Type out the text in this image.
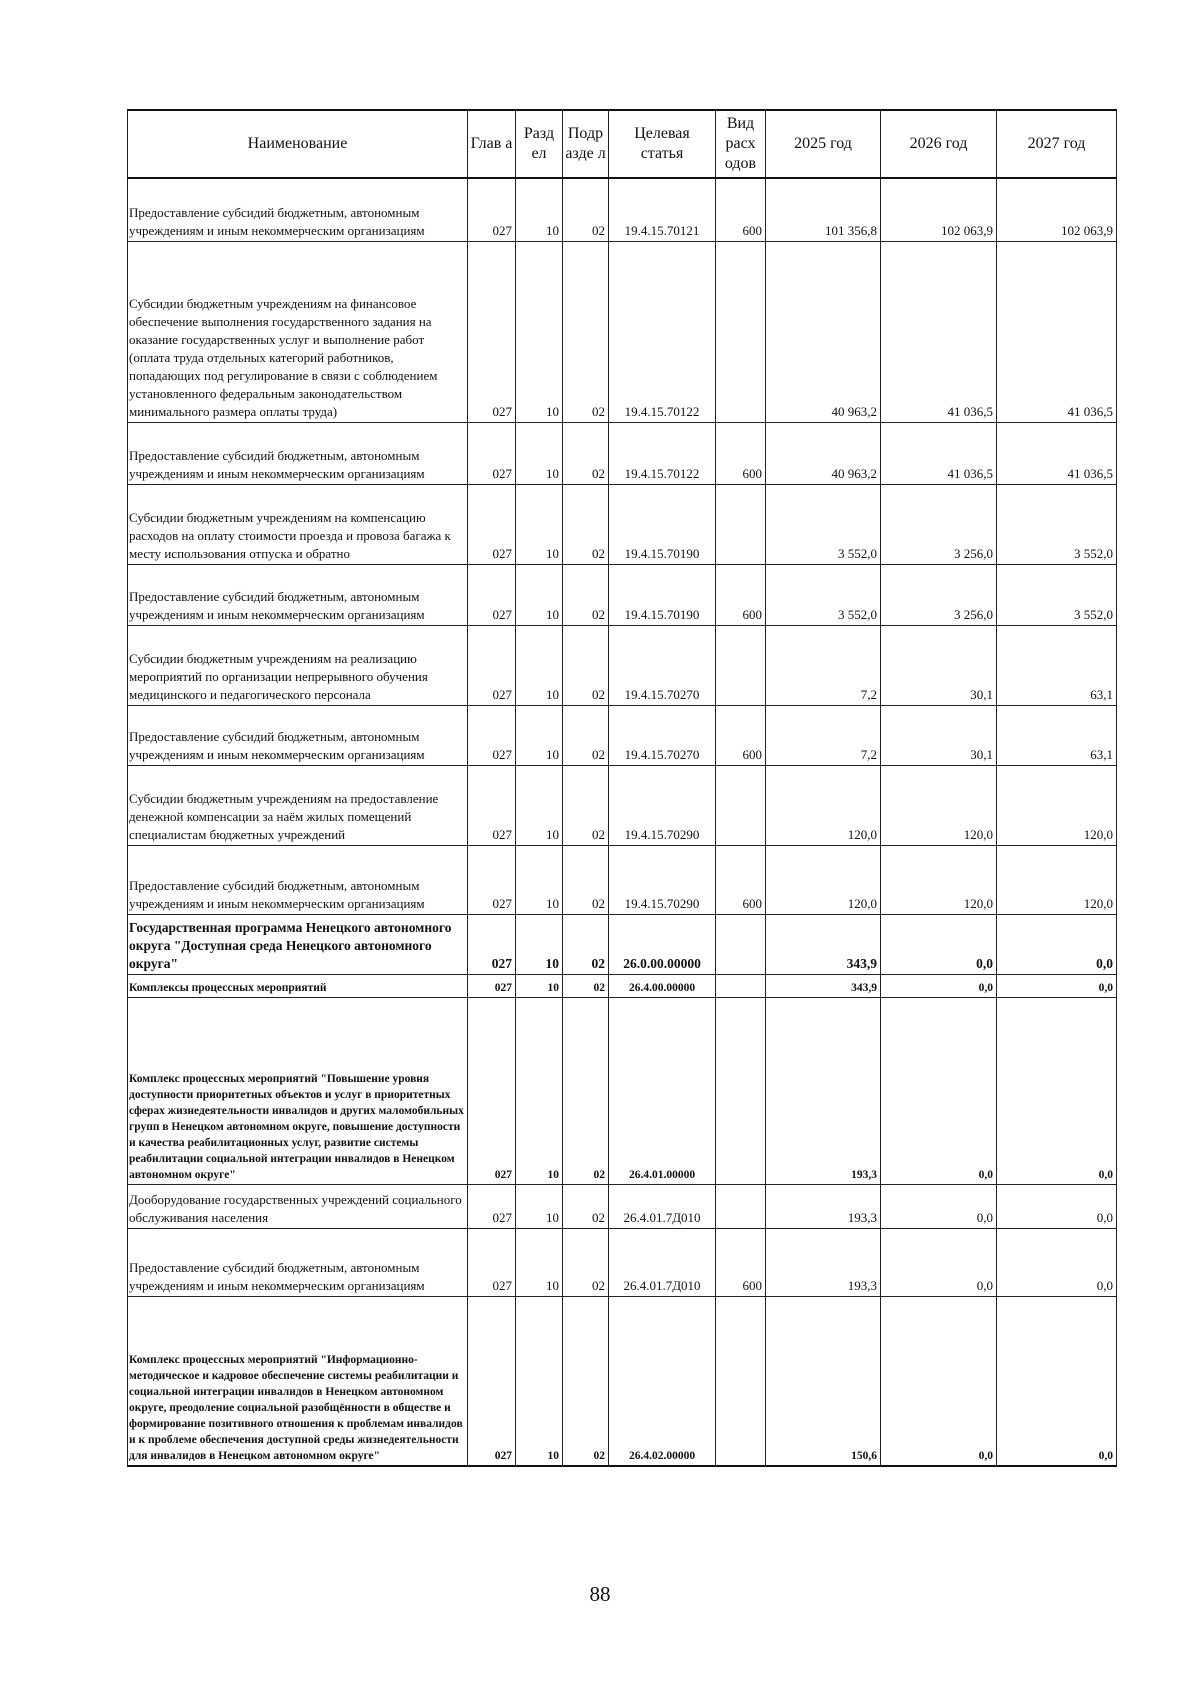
Наименование	Глав а	Разд ел	Подр азде л	Целевая статья	Вид расх одов	2025 год	2026 год	2027 год
Предоставление субсидий бюджетным, автономным учреждениям и иным некоммерческим организациям	027	10	02	19.4.15.70121	600	101 356,8	102 063,9	102 063,9
Субсидии бюджетным учреждениям на финансовое обеспечение выполнения государственного задания на оказание государственных услуг и выполнение работ (оплата труда отдельных категорий работников, попадающих под регулирование в связи с соблюдением установленного федеральным законодательством минимального размера оплаты труда)	027	10	02	19.4.15.70122		40 963,2	41 036,5	41 036,5
Предоставление субсидий бюджетным, автономным учреждениям и иным некоммерческим организациям	027	10	02	19.4.15.70122	600	40 963,2	41 036,5	41 036,5
Субсидии бюджетным учреждениям на компенсацию расходов на оплату стоимости проезда и провоза багажа к месту использования отпуска и обратно	027	10	02	19.4.15.70190		3 552,0	3 256,0	3 552,0
Предоставление субсидий бюджетным, автономным учреждениям и иным некоммерческим организациям	027	10	02	19.4.15.70190	600	3 552,0	3 256,0	3 552,0
Субсидии бюджетным учреждениям на реализацию мероприятий по организации непрерывного обучения медицинского и педагогического персонала	027	10	02	19.4.15.70270		7,2	30,1	63,1
Предоставление субсидий бюджетным, автономным учреждениям и иным некоммерческим организациям	027	10	02	19.4.15.70270	600	7,2	30,1	63,1
Субсидии бюджетным учреждениям на предоставление денежной компенсации за наём жилых помещений специалистам бюджетных учреждений	027	10	02	19.4.15.70290		120,0	120,0	120,0
Предоставление субсидий бюджетным, автономным учреждениям и иным некоммерческим организациям	027	10	02	19.4.15.70290	600	120,0	120,0	120,0
Государственная программа Ненецкого автономного округа "Доступная среда Ненецкого автономного округа"	027	10	02	26.0.00.00000		343,9	0,0	0,0
Комплексы процессных мероприятий	027	10	02	26.4.00.00000		343,9	0,0	0,0
Комплекс процессных мероприятий "Повышение уровня доступности приоритетных объектов и услуг в приоритетных сферах жизнедеятельности инвалидов и других маломобильных групп в Ненецком автономном округе, повышение доступности и качества реабилитационных услуг, развитие системы реабилитации социальной интеграции инвалидов в Ненецком автономном округе"	027	10	02	26.4.01.00000		193,3	0,0	0,0
Дооборудование государственных учреждений социального обслуживания населения	027	10	02	26.4.01.7Д010		193,3	0,0	0,0
Предоставление субсидий бюджетным, автономным учреждениям и иным некоммерческим организациям	027	10	02	26.4.01.7Д010	600	193,3	0,0	0,0
Комплекс процессных мероприятий "Информационно-методическое и кадровое обеспечение системы реабилитации и социальной интеграции инвалидов в Ненецком автономном округе, преодоление социальной разобщённости в обществе и формирование позитивного отношения к проблемам инвалидов и к проблеме обеспечения доступной среды жизнедеятельности для инвалидов в Ненецком автономном округе"	027	10	02	26.4.02.00000		150,6	0,0	0,0
88
